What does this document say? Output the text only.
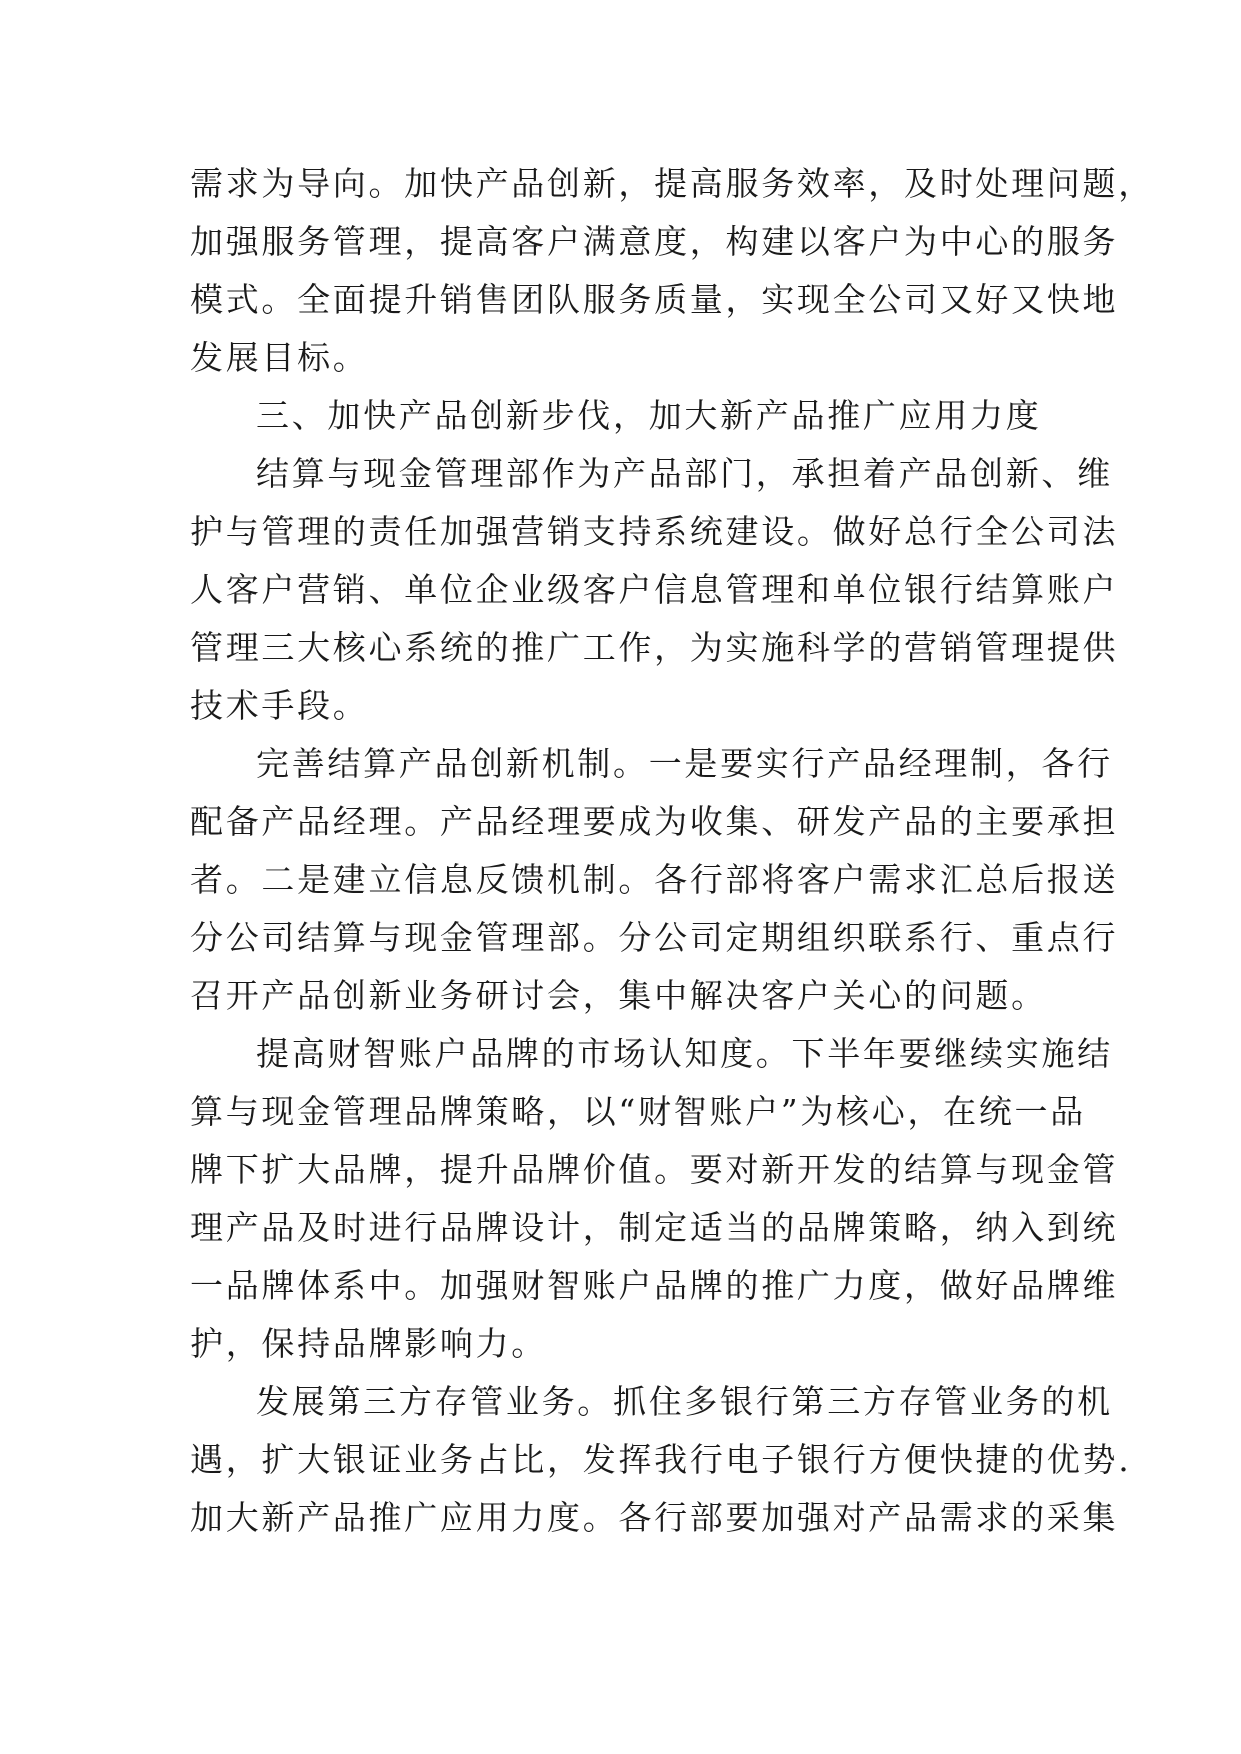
需求为导向。加快产品创新，提高服务效率，及时处理问题，
加强服务管理，提高客户满意度，构建以客户为中心的服务
模式。全面提升销售团队服务质量，实现全公司又好又快地
发展目标。
三、加快产品创新步伐，加大新产品推广应用力度
结算与现金管理部作为产品部门，承担着产品创新、维
护与管理的责任加强营销支持系统建设。做好总行全公司法
人客户营销、单位企业级客户信息管理和单位银行结算账户
管理三大核心系统的推广工作，为实施科学的营销管理提供
技术手段。
完善结算产品创新机制。一是要实行产品经理制，各行
配备产品经理。产品经理要成为收集、研发产品的主要承担
者。二是建立信息反馈机制。各行部将客户需求汇总后报送
分公司结算与现金管理部。分公司定期组织联系行、重点行
召开产品创新业务研讨会，集中解决客户关心的问题。
提高财智账户品牌的市场认知度。下半年要继续实施结
算与现金管理品牌策略，以“财智账户”为核心，在统一品
牌下扩大品牌，提升品牌价值。要对新开发的结算与现金管
理产品及时进行品牌设计，制定适当的品牌策略，纳入到统
一品牌体系中。加强财智账户品牌的推广力度，做好品牌维
护，保持品牌影响力。
发展第三方存管业务。抓住多银行第三方存管业务的机
遇，扩大银证业务占比，发挥我行电子银行方便快捷的优势.
加大新产品推广应用力度。各行部要加强对产品需求的采集
